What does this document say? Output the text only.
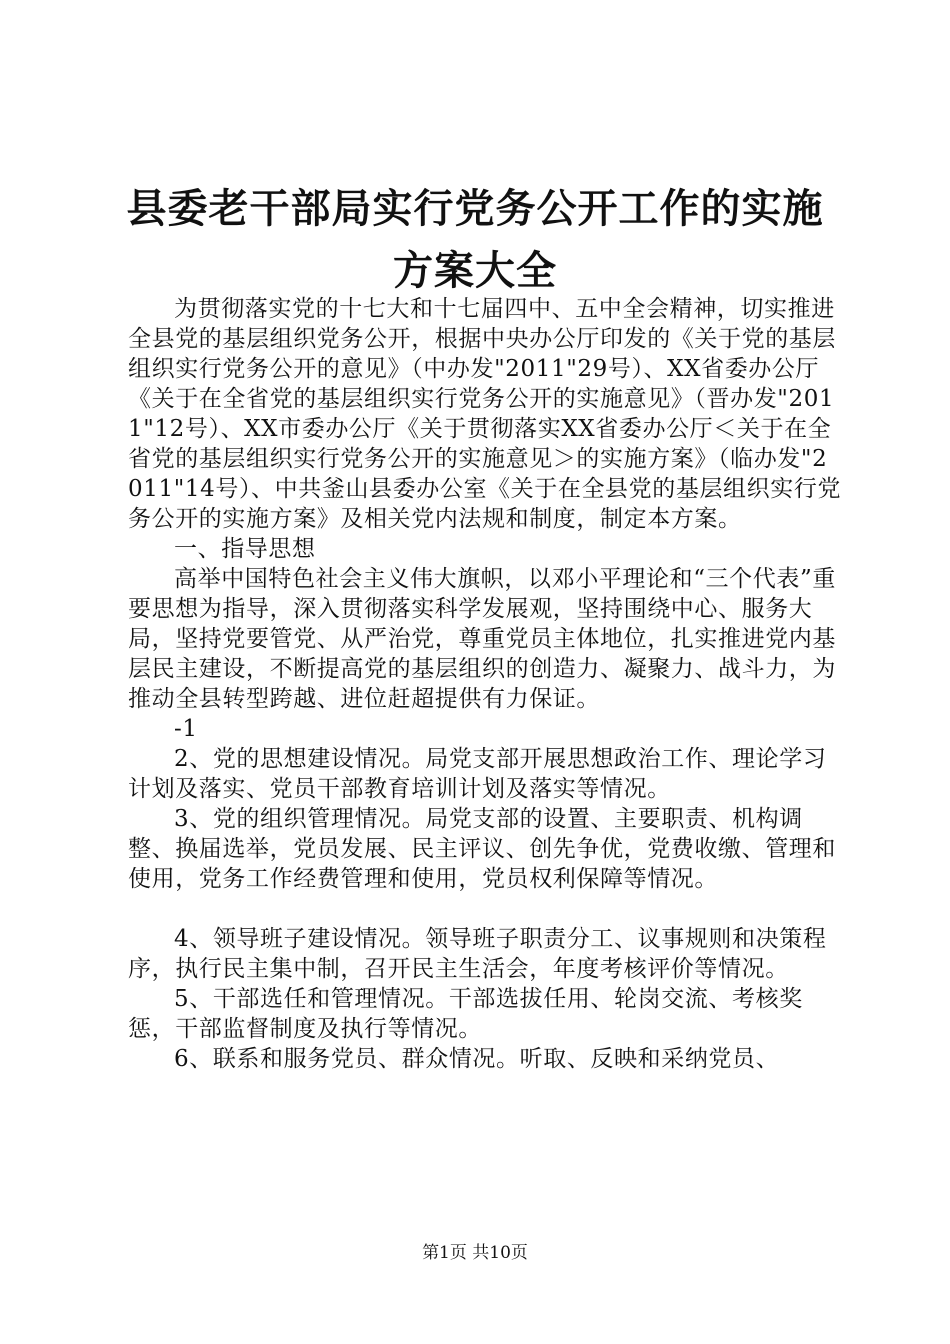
县委老干部局实行党务公开工作的实施方案大全

为贯彻落实党的十七大和十七届四中、五中全会精神，切实推进全县党的基层组织党务公开，根据中央办公厅印发的《关于党的基层组织实行党务公开的意见》（中办发"2011"29号）、XX省委办公厅《关于在全省党的基层组织实行党务公开的实施意见》（晋办发"2011"12号）、XX市委办公厅《关于贯彻落实XX省委办公厅＜关于在全省党的基层组织实行党务公开的实施意见＞的实施方案》（临办发"2011"14号）、中共釜山县委办公室《关于在全县党的基层组织实行党务公开的实施方案》及相关党内法规和制度，制定本方案。

一、指导思想

高举中国特色社会主义伟大旗帜，以邓小平理论和“三个代表”重要思想为指导，深入贯彻落实科学发展观，坚持围绕中心、服务大局，坚持党要管党、从严治党，尊重党员主体地位，扎实推进党内基层民主建设，不断提高党的基层组织的创造力、凝聚力、战斗力，为推动全县转型跨越、进位赶超提供有力保证。

-1

2、党的思想建设情况。局党支部开展思想政治工作、理论学习计划及落实、党员干部教育培训计划及落实等情况。

3、党的组织管理情况。局党支部的设置、主要职责、机构调整、换届选举，党员发展、民主评议、创先争优，党费收缴、管理和使用，党务工作经费管理和使用，党员权利保障等情况。

4、领导班子建设情况。领导班子职责分工、议事规则和决策程序，执行民主集中制，召开民主生活会，年度考核评价等情况。

5、干部选任和管理情况。干部选拔任用、轮岗交流、考核奖惩，干部监督制度及执行等情况。

6、联系和服务党员、群众情况。听取、反映和采纳党员、

第1页 共10页
